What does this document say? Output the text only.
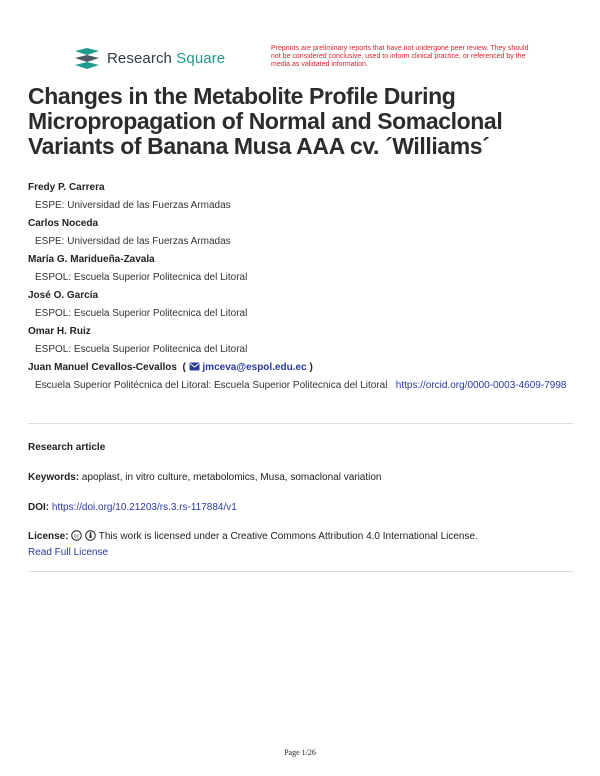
Research Square
Preprints are preliminary reports that have not undergone peer review. They should not be considered conclusive, used to inform clinical practice, or referenced by the media as validated information.
Changes in the Metabolite Profile During Micropropagation of Normal and Somaclonal Variants of Banana Musa AAA cv. ´Williams´
Fredy P. Carrera
ESPE: Universidad de las Fuerzas Armadas
Carlos Noceda
ESPE: Universidad de las Fuerzas Armadas
María G. Maridueña-Zavala
ESPOL: Escuela Superior Politecnica del Litoral
José O. García
ESPOL: Escuela Superior Politecnica del Litoral
Omar H. Ruiz
ESPOL: Escuela Superior Politecnica del Litoral
Juan Manuel Cevallos-Cevallos  ( jmceva@espol.edu.ec )
Escuela Superior Politécnica del Litoral: Escuela Superior Politecnica del Litoral https://orcid.org/0000-0003-4609-7998
Research article
Keywords: apoplast, in vitro culture, metabolomics, Musa, somaclonal variation
DOI: https://doi.org/10.21203/rs.3.rs-117884/v1
License: cc This work is licensed under a Creative Commons Attribution 4.0 International License.
Read Full License
Page 1/26
